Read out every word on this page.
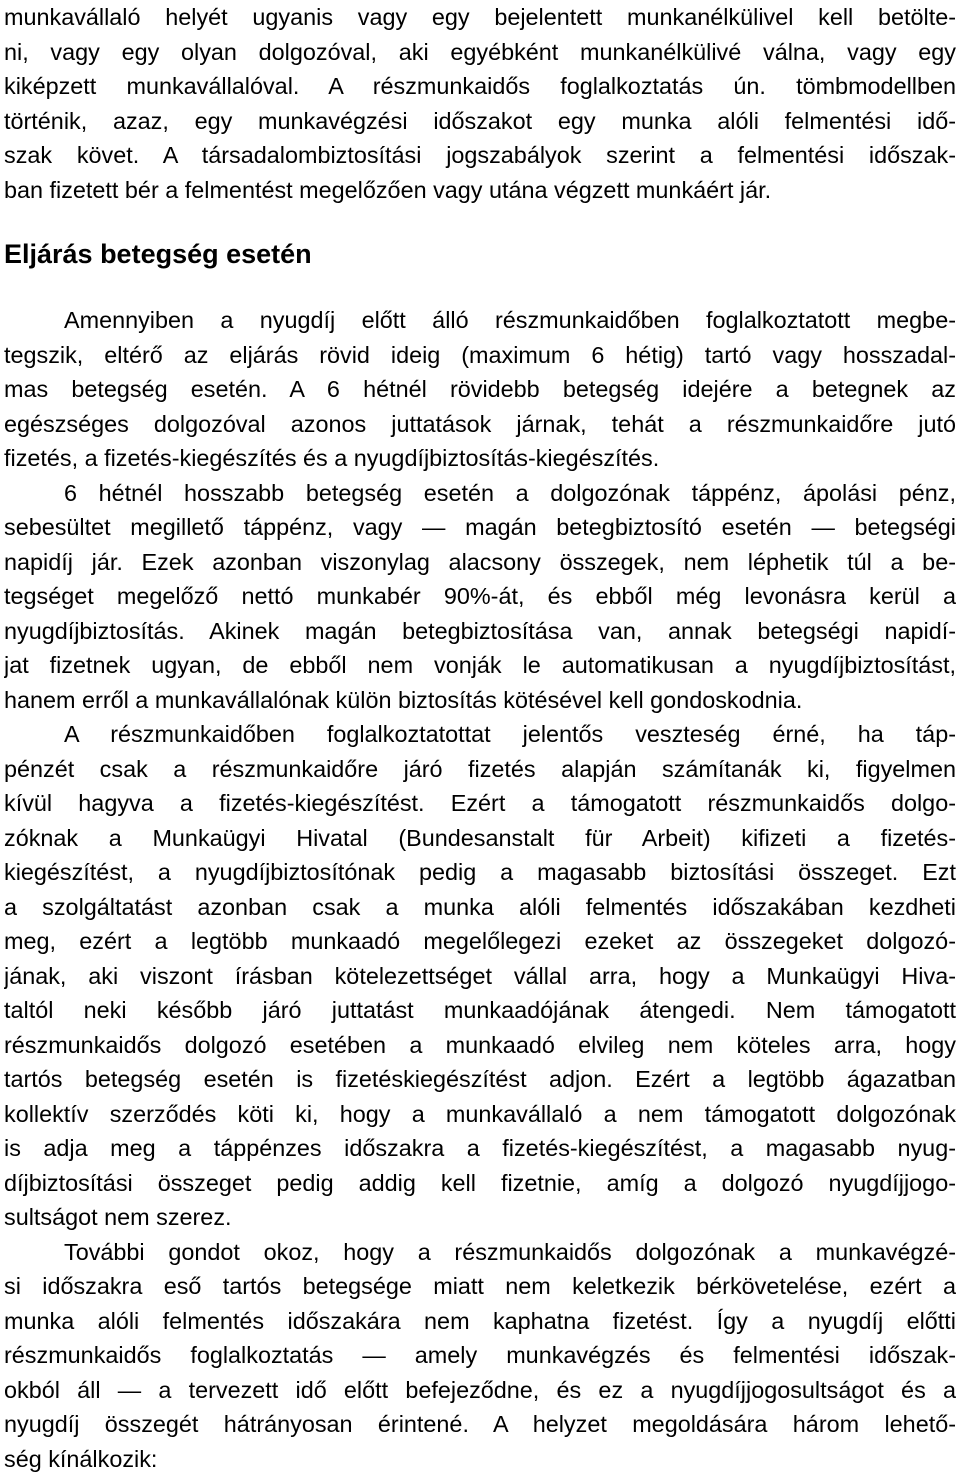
munkavállaló helyét ugyanis vagy egy bejelentett munkanélkülivel kell betölte-
ni, vagy egy olyan dolgozóval, aki egyébként munkanélkülivé válna, vagy egy
kiképzett munkavállalóval. A részmunkaidős foglalkoztatás ún. tömbmodellben
történik, azaz, egy munkavégzési időszakot egy munka alóli felmentési idő-
szak követ. A társadalombiztosítási jogszabályok szerint a felmentési időszak-
ban fizetett bér a felmentést megelőzően vagy utána végzett munkáért jár.
Eljárás betegség esetén
Amennyiben a nyugdíj előtt álló részmunkaidőben foglalkoztatott megbe-
tegszik, eltérő az eljárás rövid ideig (maximum 6 hétig) tartó vagy hosszadal-
mas betegség esetén. A 6 hétnél rövidebb betegség idejére a betegnek az
egészséges dolgozóval azonos juttatások járnak, tehát a részmunkaidőre jutó
fizetés, a fizetés-kiegészítés és a nyugdíjbiztosítás-kiegészítés.
6 hétnél hosszabb betegség esetén a dolgozónak táppénz, ápolási pénz,
sebesültet megillető táppénz, vagy — magán betegbiztosító esetén — betegségi
napidíj jár. Ezek azonban viszonylag alacsony összegek, nem léphetik túl a be-
tegséget megelőző nettó munkabér 90%-át, és ebből még levonásra kerül a
nyugdíjbiztosítás. Akinek magán betegbiztosítása van, annak betegségi napidí-
jat fizetnek ugyan, de ebből nem vonják le automatikusan a nyugdíjbiztosítást,
hanem erről a munkavállalónak külön biztosítás kötésével kell gondoskodnia.
A részmunkaidőben foglalkoztatottat jelentős veszteség érné, ha táp-
pénzét csak a részmunkaidőre járó fizetés alapján számítanák ki, figyelmen
kívül hagyva a fizetés-kiegészítést. Ezért a támogatott részmunkaidős dolgo-
zóknak a Munkaügyi Hivatal (Bundesanstalt für Arbeit) kifizeti a fizetés-
kiegészítést, a nyugdíjbiztosítónak pedig a magasabb biztosítási összeget. Ezt
a szolgáltatást azonban csak a munka alóli felmentés időszakában kezdheti
meg, ezért a legtöbb munkaadó megelőlegezi ezeket az összegeket dolgozó-
jának, aki viszont írásban kötelezettséget vállal arra, hogy a Munkaügyi Hiva-
taltól neki később járó juttatást munkaadójának átengedi. Nem támogatott
részmunkaidős dolgozó esetében a munkaadó elvileg nem köteles arra, hogy
tartós betegség esetén is fizetéskiegészítést adjon. Ezért a legtöbb ágazatban
kollektív szerződés köti ki, hogy a munkavállaló a nem támogatott dolgozónak
is adja meg a táppénzes időszakra a fizetés-kiegészítést, a magasabb nyug-
díjbiztosítási összeget pedig addig kell fizetnie, amíg a dolgozó nyugdíjjogo-
sultságot nem szerez.
További gondot okoz, hogy a részmunkaidős dolgozónak a munkavégzé-
si időszakra eső tartós betegsége miatt nem keletkezik bérkövetelése, ezért a
munka alóli felmentés időszakára nem kaphatna fizetést. Így a nyugdíj előtti
részmunkaidős foglalkoztatás — amely munkavégzés és felmentési időszak-
okból áll — a tervezett idő előtt befejeződne, és ez a nyugdíjjogosultságot és a
nyugdíj összegét hátrányosan érintené. A helyzet megoldására három lehető-
ség kínálkozik:
